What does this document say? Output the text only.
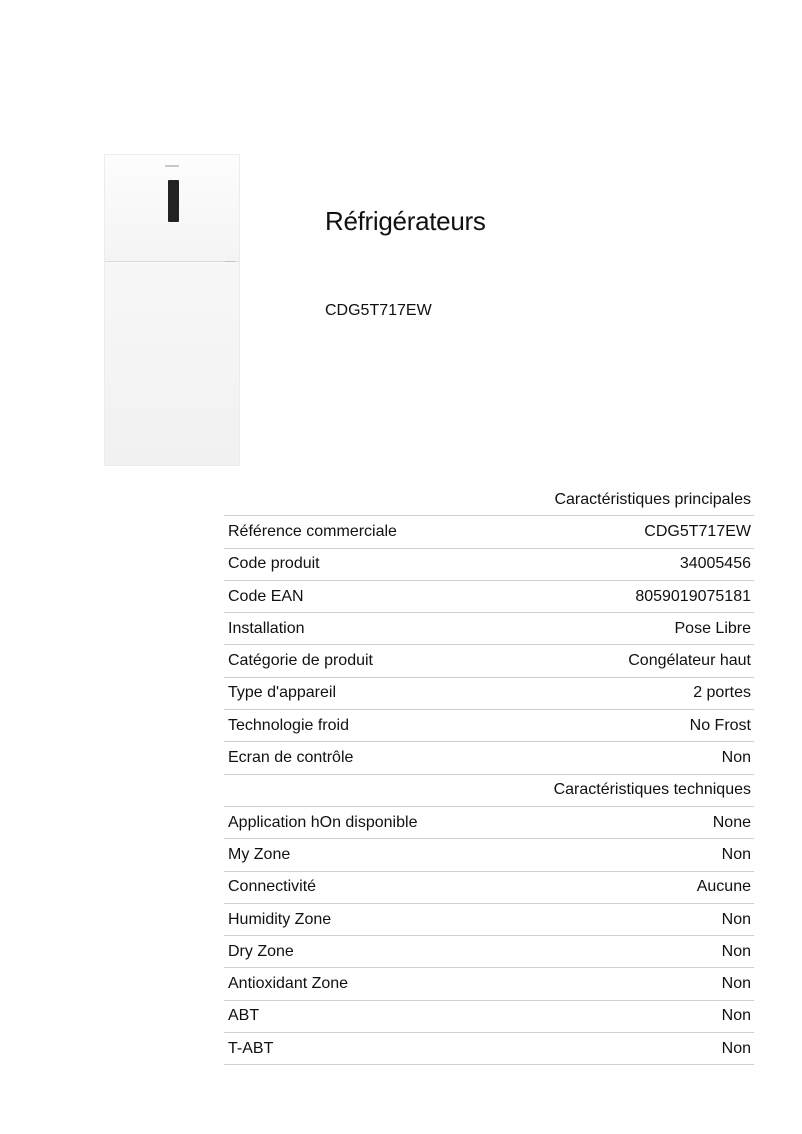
Réfrigérateurs

CDG5T717EW

	Caractéristiques principales
Référence commerciale	CDG5T717EW
Code produit	34005456
Code EAN	8059019075181
Installation	Pose Libre
Catégorie de produit	Congélateur haut
Type d'appareil	2 portes
Technologie froid	No Frost
Ecran de contrôle	Non
	Caractéristiques techniques
Application hOn disponible	None
My Zone	Non
Connectivité	Aucune
Humidity Zone	Non
Dry Zone	Non
Antioxidant Zone	Non
ABT	Non
T-ABT	Non
